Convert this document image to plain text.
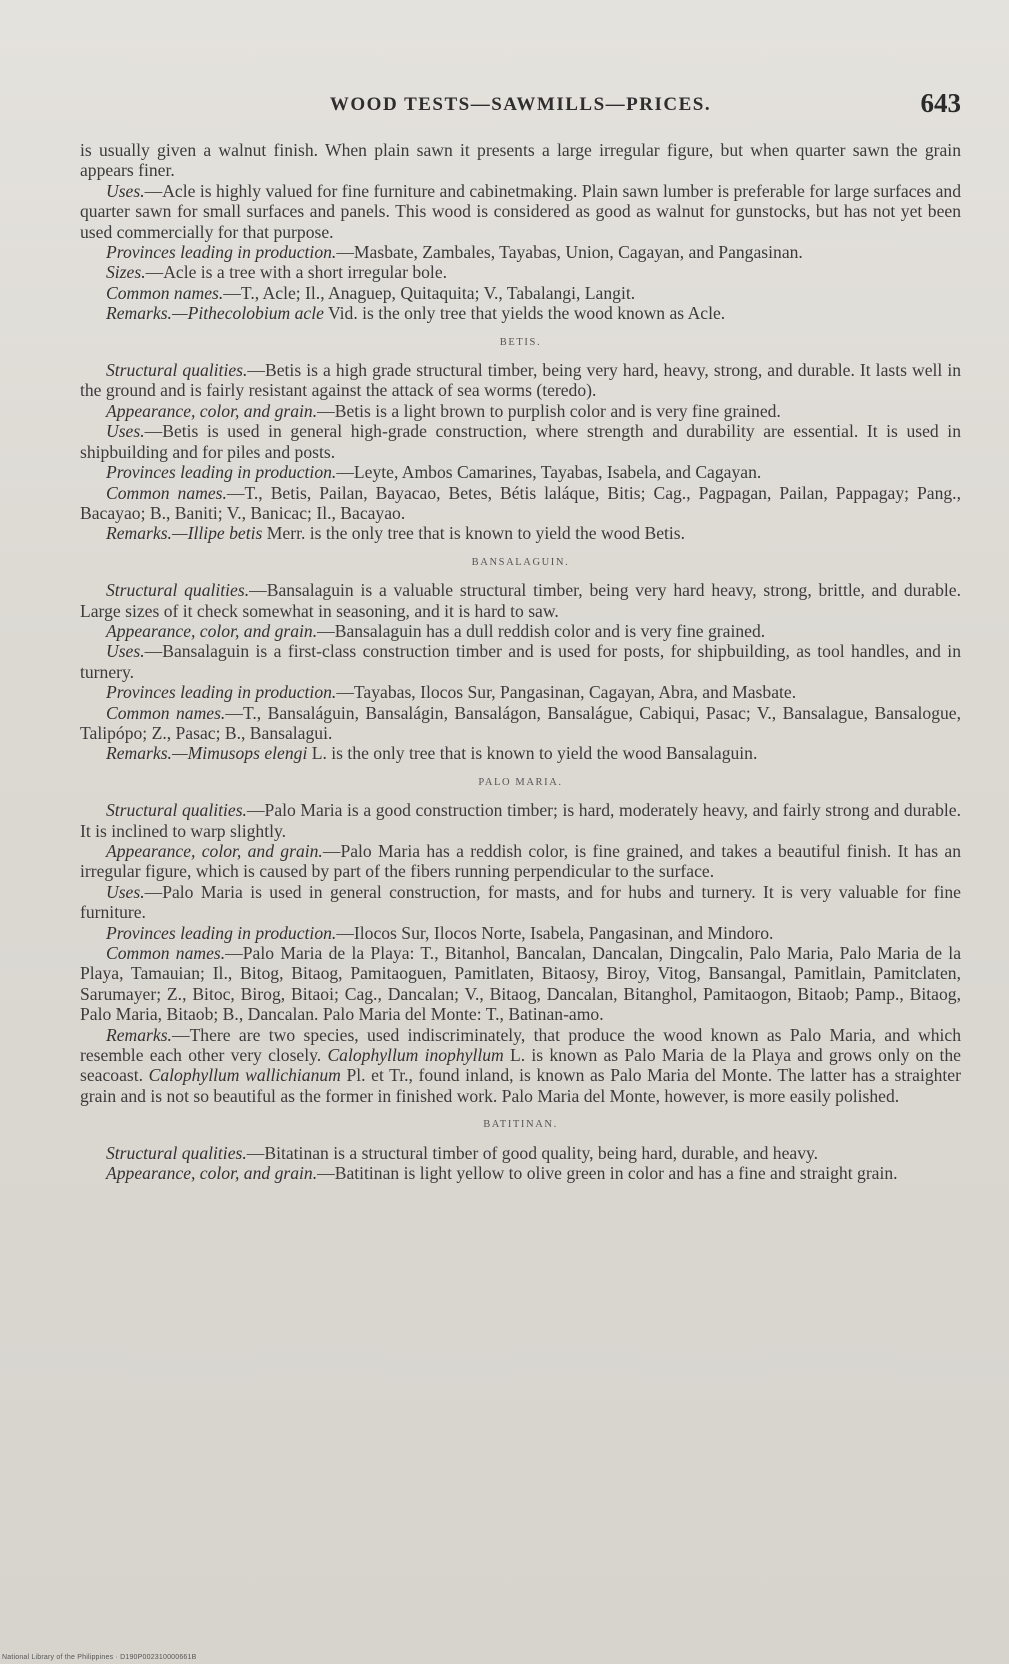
WOOD TESTS—SAWMILLS—PRICES.	643

is usually given a walnut finish. When plain sawn it presents a large irregular figure, but when quarter sawn the grain appears finer.

Uses.—Acle is highly valued for fine furniture and cabinetmaking. Plain sawn lumber is preferable for large surfaces and quarter sawn for small surfaces and panels. This wood is considered as good as walnut for gunstocks, but has not yet been used commercially for that purpose.

Provinces leading in production.—Masbate, Zambales, Tayabas, Union, Cagayan, and Pangasinan.

Sizes.—Acle is a tree with a short irregular bole.

Common names.—T., Acle; Il., Anaguep, Quitaquita; V., Tabalangi, Langit.

Remarks.—Pithecolobium acle Vid. is the only tree that yields the wood known as Acle.

BETIS.

Structural qualities.—Betis is a high grade structural timber, being very hard, heavy, strong, and durable. It lasts well in the ground and is fairly resistant against the attack of sea worms (teredo).

Appearance, color, and grain.—Betis is a light brown to purplish color and is very fine grained.

Uses.—Betis is used in general high-grade construction, where strength and durability are essential. It is used in shipbuilding and for piles and posts.

Provinces leading in production.—Leyte, Ambos Camarines, Tayabas, Isabela, and Cagayan.

Common names.—T., Betis, Pailan, Bayacao, Betes, Bétis laláque, Bitis; Cag., Pagpagan, Pailan, Pappagay; Pang., Bacayao; B., Baniti; V., Banicac; Il., Bacayao.

Remarks.—Illipe betis Merr. is the only tree that is known to yield the wood Betis.

BANSALAGUIN.

Structural qualities.—Bansalaguin is a valuable structural timber, being very hard heavy, strong, brittle, and durable. Large sizes of it check somewhat in seasoning, and it is hard to saw.

Appearance, color, and grain.—Bansalaguin has a dull reddish color and is very fine grained.

Uses.—Bansalaguin is a first-class construction timber and is used for posts, for shipbuilding, as tool handles, and in turnery.

Provinces leading in production.—Tayabas, Ilocos Sur, Pangasinan, Cagayan, Abra, and Masbate.

Common names.—T., Bansaláguin, Bansalágin, Bansalágon, Bansalágue, Cabiqui, Pasac; V., Bansalague, Bansalogue, Talipópo; Z., Pasac; B., Bansalagui.

Remarks.—Mimusops elengi L. is the only tree that is known to yield the wood Bansalaguin.

PALO MARIA.

Structural qualities.—Palo Maria is a good construction timber; is hard, moderately heavy, and fairly strong and durable. It is inclined to warp slightly.

Appearance, color, and grain.—Palo Maria has a reddish color, is fine grained, and takes a beautiful finish. It has an irregular figure, which is caused by part of the fibers running perpendicular to the surface.

Uses.—Palo Maria is used in general construction, for masts, and for hubs and turnery. It is very valuable for fine furniture.

Provinces leading in production.—Ilocos Sur, Ilocos Norte, Isabela, Pangasinan, and Mindoro.

Common names.—Palo Maria de la Playa: T., Bitanhol, Bancalan, Dancalan, Dingcalin, Palo Maria, Palo Maria de la Playa, Tamauian; Il., Bitog, Bitaog, Pamitaoguen, Pamitlaten, Bitaosy, Biroy, Vitog, Bansangal, Pamitlain, Pamitclaten, Sarumayer; Z., Bitoc, Birog, Bitaoi; Cag., Dancalan; V., Bitaog, Dancalan, Bitanghol, Pamitaogon, Bitaob; Pamp., Bitaog, Palo Maria, Bitaob; B., Dancalan. Palo Maria del Monte: T., Batinan-amo.

Remarks.—There are two species, used indiscriminately, that produce the wood known as Palo Maria, and which resemble each other very closely. Calophyllum inophyllum L. is known as Palo Maria de la Playa and grows only on the seacoast. Calophyllum wallichianum Pl. et Tr., found inland, is known as Palo Maria del Monte. The latter has a straighter grain and is not so beautiful as the former in finished work. Palo Maria del Monte, however, is more easily polished.

BATITINAN.

Structural qualities.—Bitatinan is a structural timber of good quality, being hard, durable, and heavy.

Appearance, color, and grain.—Batitinan is light yellow to olive green in color and has a fine and straight grain.

National Library of the Philippines · D190P002310000661B
